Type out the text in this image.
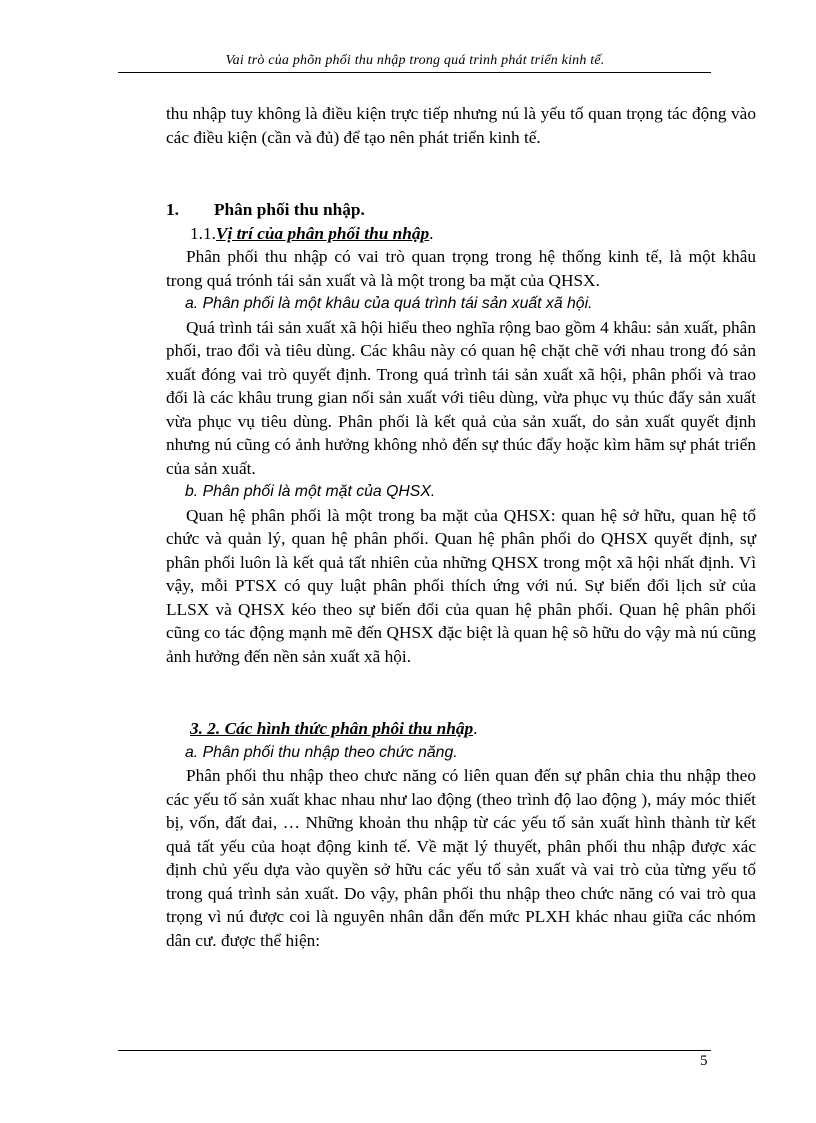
Vai trò của phõn phối thu nhập trong quá trình phát triển kinh tế.

thu nhập tuy không là điều kiện trực tiếp nhưng nú là yếu tố quan trọng tác động vào các điều kiện (cần và đủ) để tạo nên phát triển kinh tế.

1. Phân phối thu nhập.

1.1.Vị trí của phân phối thu nhập.

Phân phối thu nhập có vai trò quan trọng trong hệ thống kinh tế, là một khâu trong quá trónh tái sản xuất và là một trong ba mặt của QHSX.

a. Phân phối là một khâu của quá trình tái sản xuất xã hội.

Quá trình tái sản xuất xã hội hiểu theo nghĩa rộng bao gồm 4 khâu: sản xuất, phân phối, trao đổi và tiêu dùng. Các khâu này có quan hệ chặt chẽ với nhau trong đó sản xuất đóng vai trò quyết định. Trong quá trình tái sản xuất xã hội, phân phối và trao đổi là các khâu trung gian nối sản xuất với tiêu dùng, vừa phục vụ thúc đẩy sản xuất vừa phục vụ tiêu dùng. Phân phối là kết quả của sản xuất, do sản xuất quyết định nhưng nú cũng có ảnh hưởng không nhỏ đến sự thúc đẩy hoặc kìm hãm sự phát triển của sản xuất.

b. Phân phối là một mặt của QHSX.

Quan hệ phân phối là một trong ba mặt của QHSX: quan hệ sở hữu, quan hệ tổ chức và quản lý, quan hệ phân phối. Quan hệ phân phối do QHSX quyết định, sự phân phối luôn là kết quả tất nhiên của những QHSX trong một xã hội nhất định. Vì vậy, mỗi PTSX có quy luật phân phối thích ứng với nú. Sự biến đổi lịch sử của LLSX và QHSX kéo theo sự biến đổi của quan hệ phân phối. Quan hệ phân phối cũng co tác động mạnh mẽ đến QHSX đặc biệt là quan hệ sõ hữu do vậy mà nú cũng ảnh hưởng đến nền sản xuất xã hội.

3. 2. Các hình thức phân phôi thu nhập.

a. Phân phối thu nhập theo chức năng.

Phân phối thu nhập theo chưc năng có liên quan đến sự phân chia thu nhập theo các yếu tố sản xuất khac nhau như lao động (theo trình độ lao động ), máy móc thiết bị, vốn, đất đai, … Những khoản thu nhập từ các yếu tố sản xuất hình thành từ kết quả tất yếu của hoạt động kinh tế. Về mặt lý thuyết, phân phối thu nhập được xác định chủ yếu dựa vào quyền sở hữu các yếu tố sản xuất và vai trò của từng yếu tố trong quá trình sản xuất. Do vậy, phân phối thu nhập theo chức năng có vai trò qua trọng vì nú được coi là nguyên nhân dẫn đến mức PLXH khác nhau giữa các nhóm dân cư. được thể hiện:

5
